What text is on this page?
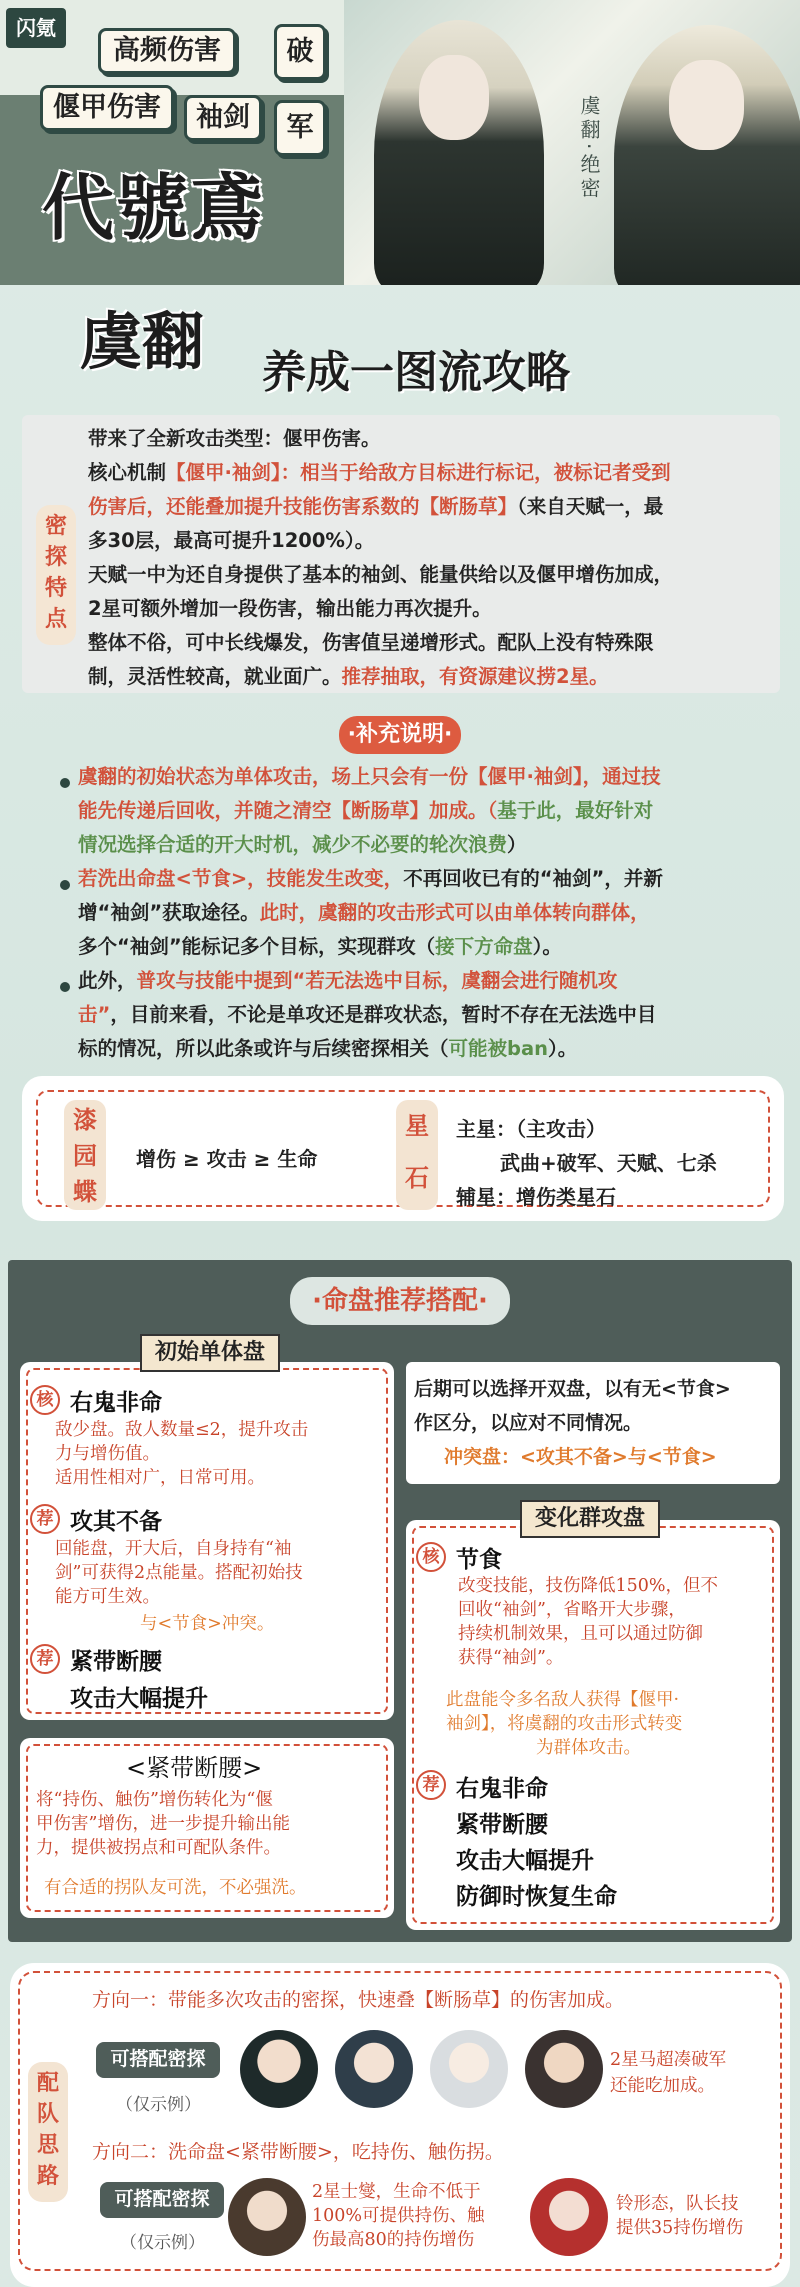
虞翻·绝密
闪氪
高频伤害
偃甲伤害	袖剑
破
军
代號鳶
虞翻 养成一图流攻略
密探特点
带来了全新攻击类型：偃甲伤害。
核心机制【偃甲·袖剑】：相当于给敌方目标进行标记，被标记者受到
伤害后，还能叠加提升技能伤害系数的【断肠草】（来自天赋一，最
多30层，最高可提升1200%）。
天赋一中为还自身提供了基本的袖剑、能量供给以及偃甲增伤加成，
2星可额外增加一段伤害，输出能力再次提升。
整体不俗，可中长线爆发，伤害值呈递增形式。配队上没有特殊限
制，灵活性较高，就业面广。推荐抽取，有资源建议捞2星。
·补充说明·
虞翻的初始状态为单体攻击，场上只会有一份【偃甲·袖剑】，通过技
能先传递后回收，并随之清空【断肠草】加成。（基于此，最好针对
情况选择合适的开大时机，减少不必要的轮次浪费）
若洗出命盘<节食>，技能发生改变，不再回收已有的“袖剑”，并新
增“袖剑”获取途径。此时，虞翻的攻击形式可以由单体转向群体，
多个“袖剑”能标记多个目标，实现群攻（接下方命盘）。
此外，普攻与技能中提到“若无法选中目标，虞翻会进行随机攻
击”，目前来看，不论是单攻还是群攻状态，暂时不存在无法选中目
标的情况，所以此条或许与后续密探相关（可能被ban）。
漆园蝶
增伤 ≥ 攻击 ≥ 生命
星石
主星：（主攻击）
武曲+破军、天赋、七杀
辅星：增伤类星石
·命盘推荐搭配·
初始单体盘
核 右鬼非命
敌少盘。敌人数量≤2，提升攻击
力与增伤值。
适用性相对广，日常可用。
荐 攻其不备
回能盘，开大后，自身持有“袖
剑”可获得2点能量。搭配初始技
能方可生效。
与<节食>冲突。
荐 紧带断腰
攻击大幅提升
后期可以选择开双盘，以有无<节食>
作区分，以应对不同情况。
冲突盘：<攻其不备>与<节食>
变化群攻盘
核 节食
改变技能，技伤降低150%，但不
回收“袖剑”，省略开大步骤，
持续机制效果，且可以通过防御
获得“袖剑”。
此盘能令多名敌人获得【偃甲·
袖剑】，将虞翻的攻击形式转变
为群体攻击。
荐 右鬼非命
紧带断腰
攻击大幅提升
防御时恢复生命
<紧带断腰>
将“持伤、触伤”增伤转化为“偃
甲伤害”增伤，进一步提升输出能
力，提供被拐点和可配队条件。
有合适的拐队友可洗，不必强洗。
配队思路
方向一：带能多次攻击的密探，快速叠【断肠草】的伤害加成。
可搭配密探
（仅示例）
2星马超凑破军
还能吃加成。
方向二：洗命盘<紧带断腰>，吃持伤、触伤拐。
可搭配密探
（仅示例）
2星士燮，生命不低于
100%可提供持伤、触
伤最高80的持伤增伤
铃形态，队长技
提供35持伤增伤
